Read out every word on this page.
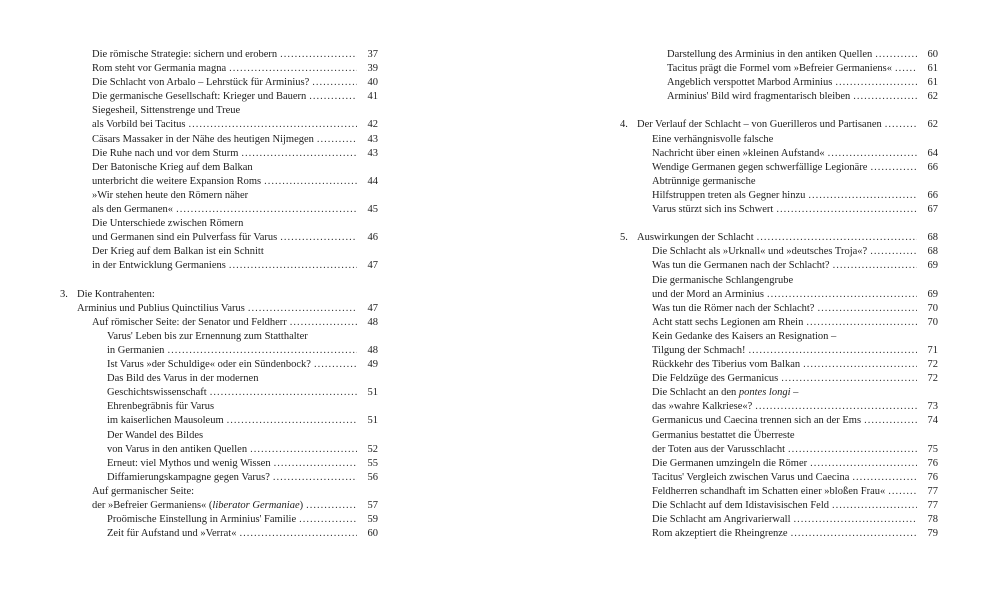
Die römische Strategie: sichern und erobern .....	37
Rom steht vor Germania magna .....	39
Die Schlacht von Arbalo – Lehrstück für Arminius? .....	40
Die germanische Gesellschaft: Krieger und Bauern .....	41
Siegesheil, Sittenstrenge und Treue
als Vorbild bei Tacitus .....	42
Cäsars Massaker in der Nähe des heutigen Nijmegen .....	43
Die Ruhe nach und vor dem Sturm .....	43
Der Batonische Krieg auf dem Balkan
unterbricht die weitere Expansion Roms .....	44
»Wir stehen heute den Römern näher
als den Germanen« .....	45
Die Unterschiede zwischen Römern
und Germanen sind ein Pulverfass für Varus .....	46
Der Krieg auf dem Balkan ist ein Schnitt
in der Entwicklung Germaniens .....	47
3. Die Kontrahenten:
Arminius und Publius Quinctilius Varus .....	47
Auf römischer Seite: der Senator und Feldherr .....	48
Varus' Leben bis zur Ernennung zum Statthalter
in Germanien .....	48
Ist Varus »der Schuldige« oder ein Sündenbock? .....	49
Das Bild des Varus in der modernen
Geschichtswissenschaft .....	51
Ehrenbegräbnis für Varus
im kaiserlichen Mausoleum .....	51
Der Wandel des Bildes
von Varus in den antiken Quellen .....	52
Erneut: viel Mythos und wenig Wissen .....	55
Diffamierungskampagne gegen Varus? .....	56
Auf germanischer Seite:
der »Befreier Germaniens« (liberator Germaniae) .....	57
Proömische Einstellung in Arminius' Familie .....	59
Zeit für Aufstand und »Verrat« .....	60
Darstellung des Arminius in den antiken Quellen .....	60
Tacitus prägt die Formel vom »Befreier Germaniens« .....	61
Angeblich verspottet Marbod Arminius .....	61
Arminius' Bild wird fragmentarisch bleiben .....	62
4. Der Verlauf der Schlacht – von Guerilleros und Partisanen .....	62
Eine verhängnisvolle falsche
Nachricht über einen »kleinen Aufstand« .....	64
Wendige Germanen gegen schwerfällige Legionäre .....	66
Abtrünnige germanische
Hilfstruppen treten als Gegner hinzu .....	66
Varus stürzt sich ins Schwert .....	67
5. Auswirkungen der Schlacht .....	68
Die Schlacht als »Urknall« und »deutsches Troja«? .....	68
Was tun die Germanen nach der Schlacht? .....	69
Die germanische Schlangengrube
und der Mord an Arminius .....	69
Was tun die Römer nach der Schlacht? .....	70
Acht statt sechs Legionen am Rhein .....	70
Kein Gedanke des Kaisers an Resignation –
Tilgung der Schmach! .....	71
Rückkehr des Tiberius vom Balkan .....	72
Die Feldzüge des Germanicus .....	72
Die Schlacht an den pontes longi –
das »wahre Kalkriese«? .....	73
Germanicus und Caecina trennen sich an der Ems .....	74
Germanius bestattet die Überreste
der Toten aus der Varusschlacht .....	75
Die Germanen umzingeln die Römer .....	76
Tacitus' Vergleich zwischen Varus und Caecina .....	76
Feldherren schandhaft im Schatten einer »bloßen Frau« .....	77
Die Schlacht auf dem Idistavisischen Feld .....	77
Die Schlacht am Angrivarierwall .....	78
Rom akzeptiert die Rheingrenze .....	79
